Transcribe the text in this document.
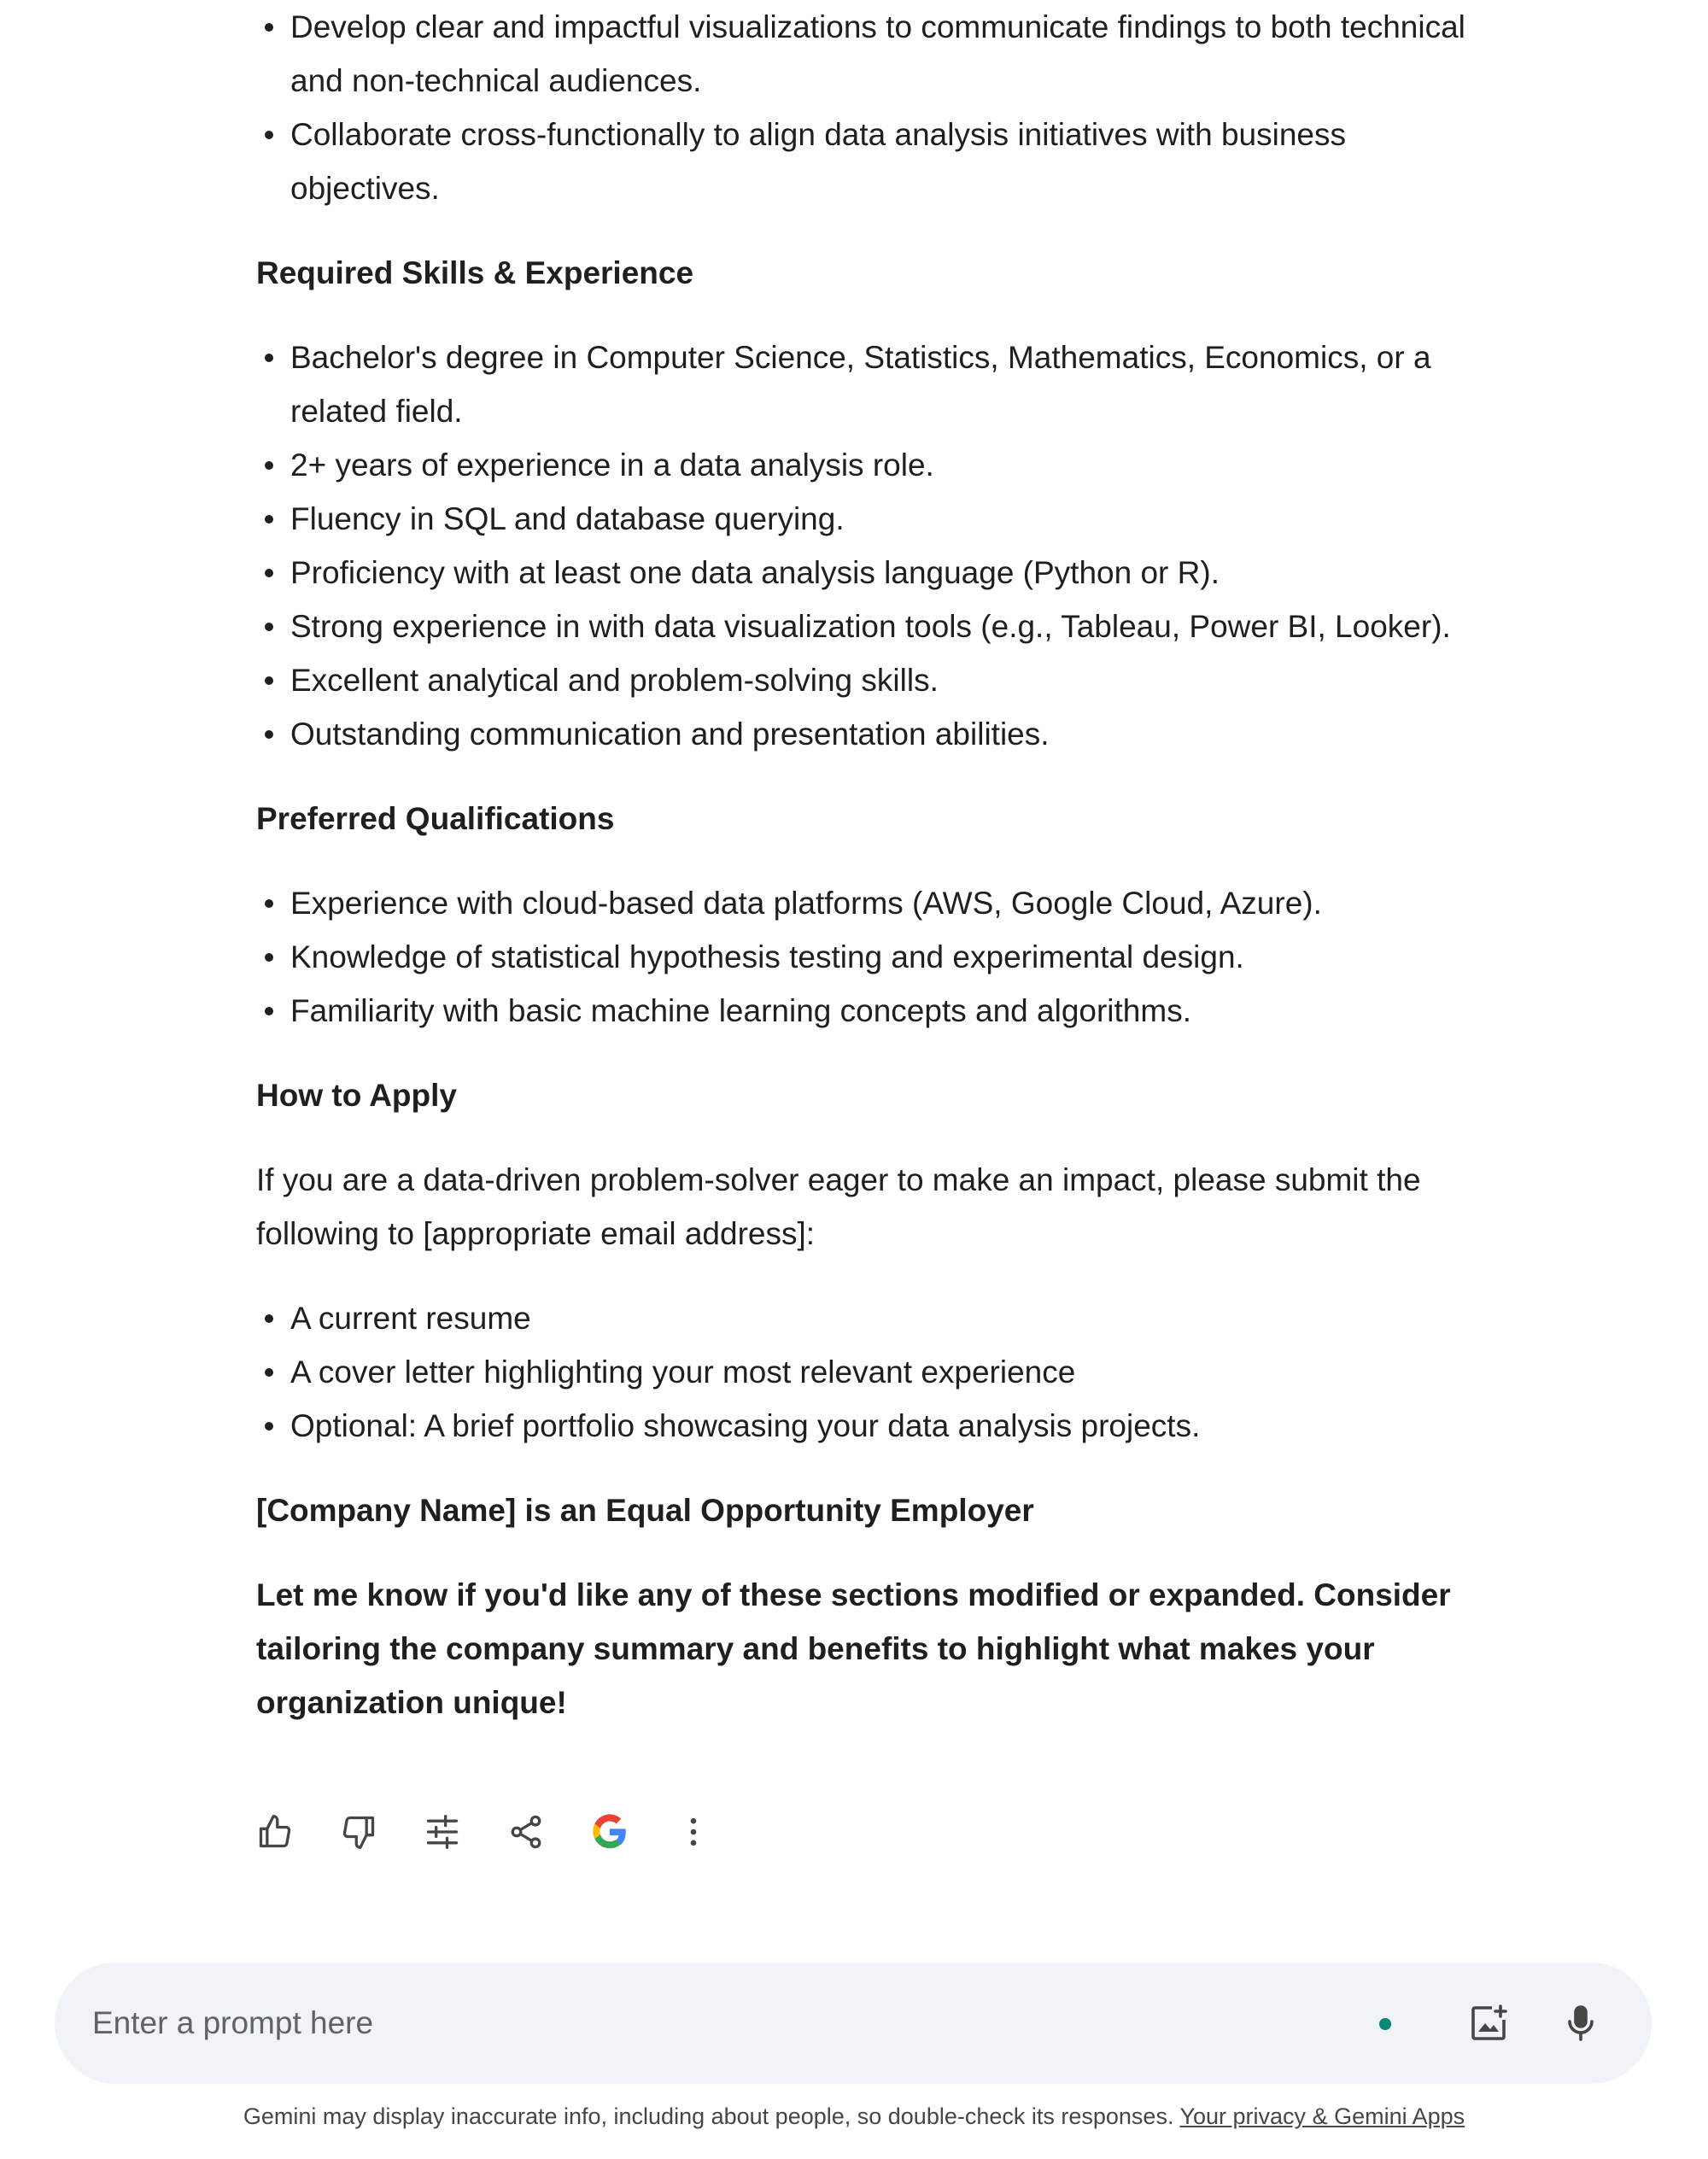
Develop clear and impactful visualizations to communicate findings to both technical and non-technical audiences.
Collaborate cross-functionally to align data analysis initiatives with business objectives.

Required Skills & Experience

Bachelor's degree in Computer Science, Statistics, Mathematics, Economics, or a related field.
2+ years of experience in a data analysis role.
Fluency in SQL and database querying.
Proficiency with at least one data analysis language (Python or R).
Strong experience in with data visualization tools (e.g., Tableau, Power BI, Looker).
Excellent analytical and problem-solving skills.
Outstanding communication and presentation abilities.

Preferred Qualifications

Experience with cloud-based data platforms (AWS, Google Cloud, Azure).
Knowledge of statistical hypothesis testing and experimental design.
Familiarity with basic machine learning concepts and algorithms.

How to Apply

If you are a data-driven problem-solver eager to make an impact, please submit the following to [appropriate email address]:

A current resume
A cover letter highlighting your most relevant experience
Optional: A brief portfolio showcasing your data analysis projects.

[Company Name] is an Equal Opportunity Employer

Let me know if you'd like any of these sections modified or expanded. Consider tailoring the company summary and benefits to highlight what makes your organization unique!

Enter a prompt here
Gemini may display inaccurate info, including about people, so double-check its responses. Your privacy & Gemini Apps
